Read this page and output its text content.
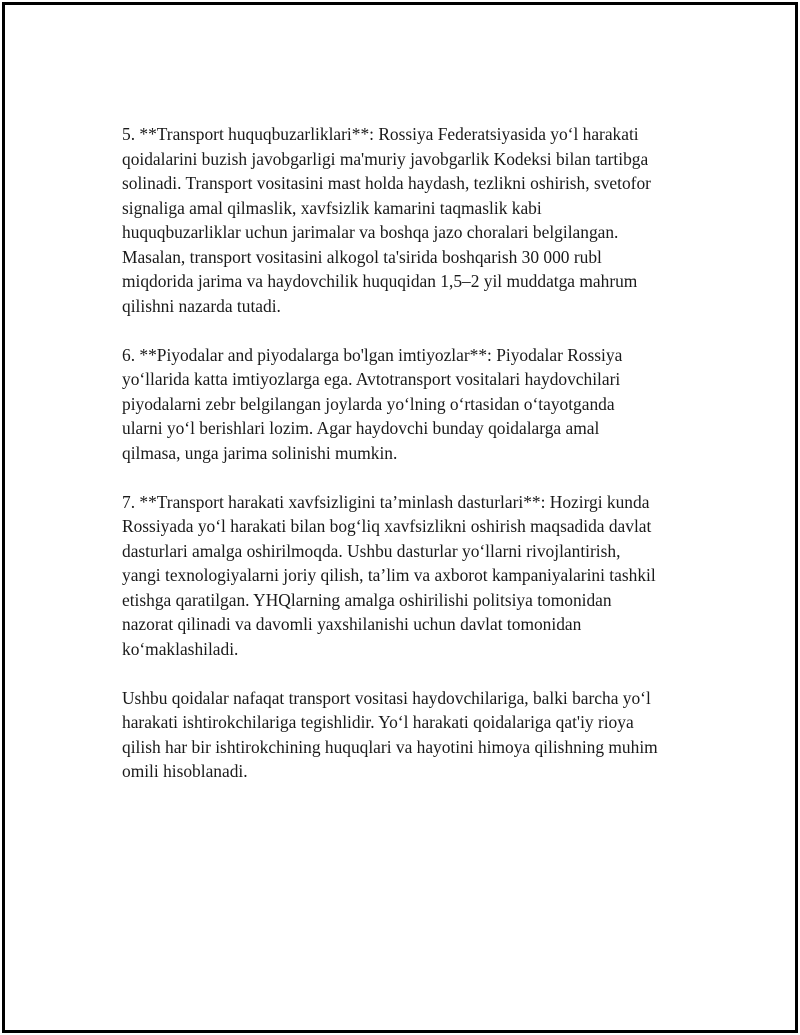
5. **Transport huquqbuzarliklari**: Rossiya Federatsiyasida yoʻl harakati
qoidalarini buzish javobgarligi ma'muriy javobgarlik Kodeksi bilan tartibga
solinadi. Transport vositasini mast holda haydash, tezlikni oshirish, svetofor
signaliga amal qilmaslik, xavfsizlik kamarini taqmaslik kabi
huquqbuzarliklar uchun jarimalar va boshqa jazo choralari belgilangan.
Masalan, transport vositasini alkogol ta'sirida boshqarish 30 000 rubl
miqdorida jarima va haydovchilik huquqidan 1,5–2 yil muddatga mahrum
qilishni nazarda tutadi.

6. **Piyodalar and piyodalarga bo'lgan imtiyozlar**: Piyodalar Rossiya
yoʻllarida katta imtiyozlarga ega. Avtotransport vositalari haydovchilari
piyodalarni zebr belgilangan joylarda yoʻlning oʻrtasidan oʻtayotganda
ularni yoʻl berishlari lozim. Agar haydovchi bunday qoidalarga amal
qilmasa, unga jarima solinishi mumkin.

7. **Transport harakati xavfsizligini ta’minlash dasturlari**: Hozirgi kunda
Rossiyada yoʻl harakati bilan bogʻliq xavfsizlikni oshirish maqsadida davlat
dasturlari amalga oshirilmoqda. Ushbu dasturlar yoʻllarni rivojlantirish,
yangi texnologiyalarni joriy qilish, ta’lim va axborot kampaniyalarini tashkil
etishga qaratilgan. YHQlarning amalga oshirilishi politsiya tomonidan
nazorat qilinadi va davomli yaxshilanishi uchun davlat tomonidan
koʻmaklashiladi.

Ushbu qoidalar nafaqat transport vositasi haydovchilariga, balki barcha yoʻl
harakati ishtirokchilariga tegishlidir. Yoʻl harakati qoidalariga qat'iy rioya
qilish har bir ishtirokchining huquqlari va hayotini himoya qilishning muhim
omili hisoblanadi.
